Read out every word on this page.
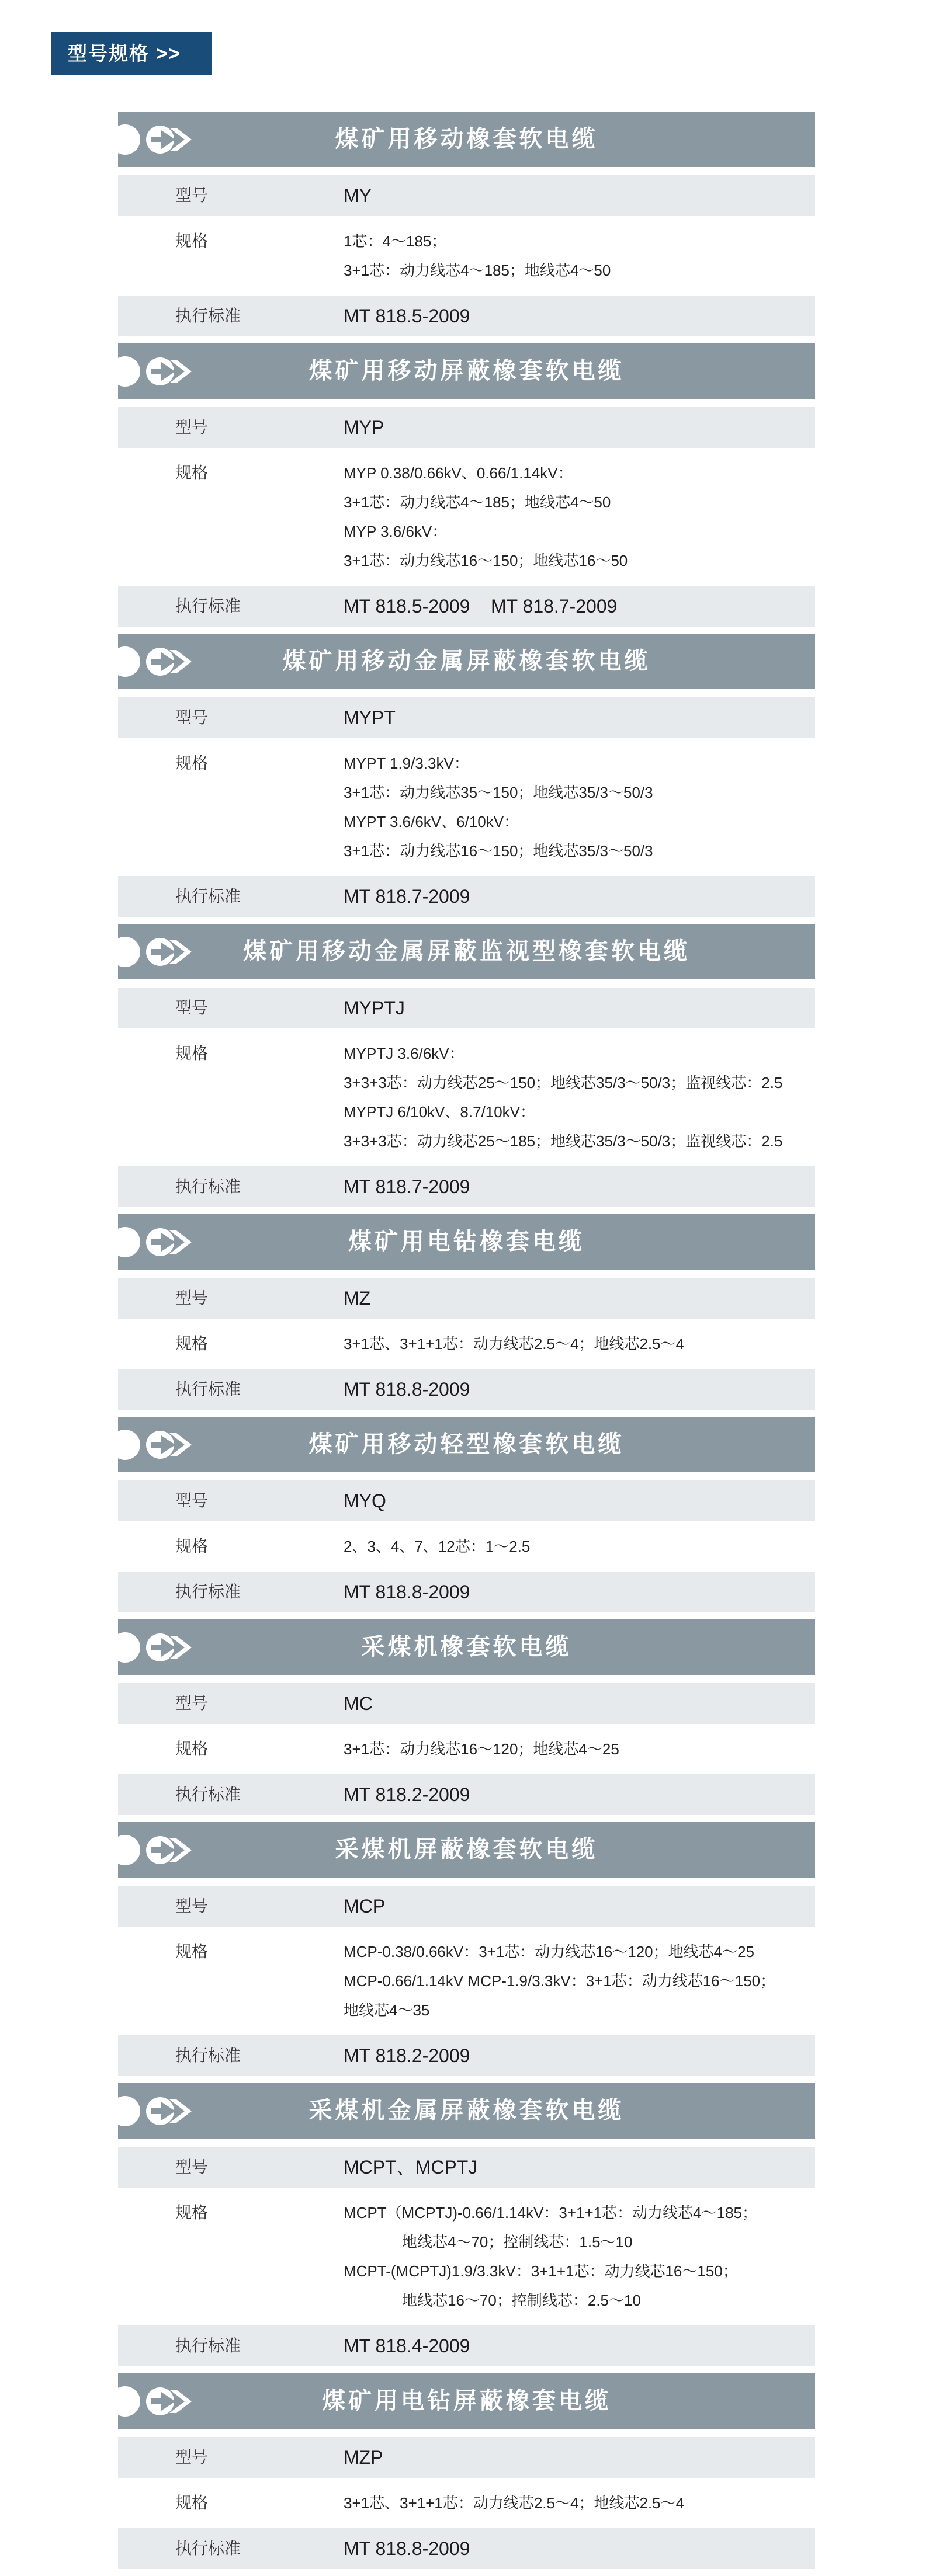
型号规格 >>
煤矿用移动橡套软电缆
型号	MY
规格	1芯：4～185；
3+1芯：动力线芯4～185；地线芯4～50
执行标准	MT 818.5-2009
煤矿用移动屏蔽橡套软电缆
型号	MYP
规格	MYP 0.38/0.66kV、0.66/1.14kV：
3+1芯：动力线芯4～185；地线芯4～50
MYP 3.6/6kV：
3+1芯：动力线芯16～150；地线芯16～50
执行标准	MT 818.5-2009    MT 818.7-2009
煤矿用移动金属屏蔽橡套软电缆
型号	MYPT
规格	MYPT 1.9/3.3kV：
3+1芯：动力线芯35～150；地线芯35/3～50/3
MYPT 3.6/6kV、6/10kV：
3+1芯：动力线芯16～150；地线芯35/3～50/3
执行标准	MT 818.7-2009
煤矿用移动金属屏蔽监视型橡套软电缆
型号	MYPTJ
规格	MYPTJ 3.6/6kV：
3+3+3芯：动力线芯25～150；地线芯35/3～50/3；监视线芯：2.5
MYPTJ 6/10kV、8.7/10kV：
3+3+3芯：动力线芯25～185；地线芯35/3～50/3；监视线芯：2.5
执行标准	MT 818.7-2009
煤矿用电钻橡套电缆
型号	MZ
规格	3+1芯、3+1+1芯：动力线芯2.5～4；地线芯2.5～4
执行标准	MT 818.8-2009
煤矿用移动轻型橡套软电缆
型号	MYQ
规格	2、3、4、7、12芯：1～2.5
执行标准	MT 818.8-2009
采煤机橡套软电缆
型号	MC
规格	3+1芯：动力线芯16～120；地线芯4～25
执行标准	MT 818.2-2009
采煤机屏蔽橡套软电缆
型号	MCP
规格	MCP-0.38/0.66kV：3+1芯：动力线芯16～120；地线芯4～25
MCP-0.66/1.14kV MCP-1.9/3.3kV：3+1芯：动力线芯16～150；
地线芯4～35
执行标准	MT 818.2-2009
采煤机金属屏蔽橡套软电缆
型号	MCPT、MCPTJ
规格	MCPT（MCPTJ)-0.66/1.14kV：3+1+1芯：动力线芯4～185；
地线芯4～70；控制线芯：1.5～10
MCPT-(MCPTJ)1.9/3.3kV：3+1+1芯：动力线芯16～150；
地线芯16～70；控制线芯：2.5～10
执行标准	MT 818.4-2009
煤矿用电钻屏蔽橡套电缆
型号	MZP
规格	3+1芯、3+1+1芯：动力线芯2.5～4；地线芯2.5～4
执行标准	MT 818.8-2009
